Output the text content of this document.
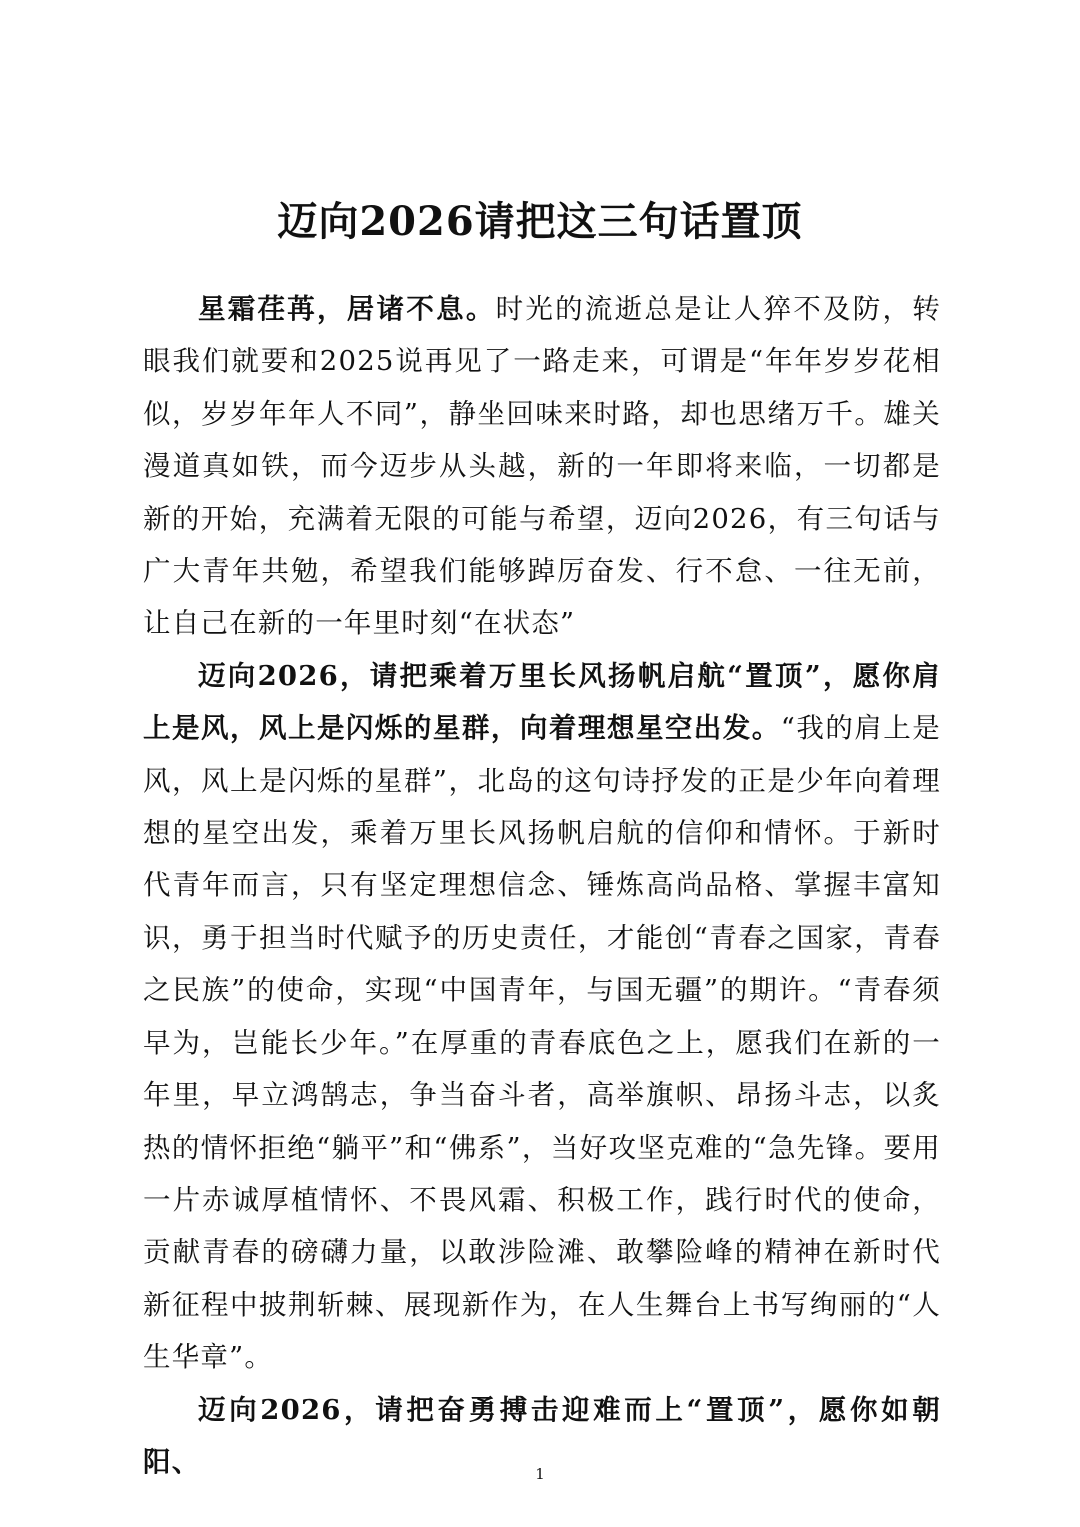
迈向2026请把这三句话置顶

星霜荏苒，居诸不息。时光的流逝总是让人猝不及防，转眼我们就要和2025说再见了一路走来，可谓是“年年岁岁花相似，岁岁年年人不同”，静坐回味来时路，却也思绪万千。雄关漫道真如铁，而今迈步从头越，新的一年即将来临，一切都是新的开始，充满着无限的可能与希望，迈向2026，有三句话与广大青年共勉，希望我们能够踔厉奋发、行不怠、一往无前，让自己在新的一年里时刻“在状态”

迈向2026，请把乘着万里长风扬帆启航“置顶”，愿你肩上是风，风上是闪烁的星群，向着理想星空出发。“我的肩上是风，风上是闪烁的星群”，北岛的这句诗抒发的正是少年向着理想的星空出发，乘着万里长风扬帆启航的信仰和情怀。于新时代青年而言，只有坚定理想信念、锤炼高尚品格、掌握丰富知识，勇于担当时代赋予的历史责任，才能创“青春之国家，青春之民族”的使命，实现“中国青年，与国无疆”的期许。“青春须早为，岂能长少年。”在厚重的青春底色之上，愿我们在新的一年里，早立鸿鹄志，争当奋斗者，高举旗帜、昂扬斗志，以炙热的情怀拒绝“躺平”和“佛系”，当好攻坚克难的“急先锋。要用一片赤诚厚植情怀、不畏风霜、积极工作，践行时代的使命，贡献青春的磅礴力量，以敢涉险滩、敢攀险峰的精神在新时代新征程中披荆斩棘、展现新作为，在人生舞台上书写绚丽的“人生华章”。

迈向2026，请把奋勇搏击迎难而上“置顶”，愿你如朝阳、	1
